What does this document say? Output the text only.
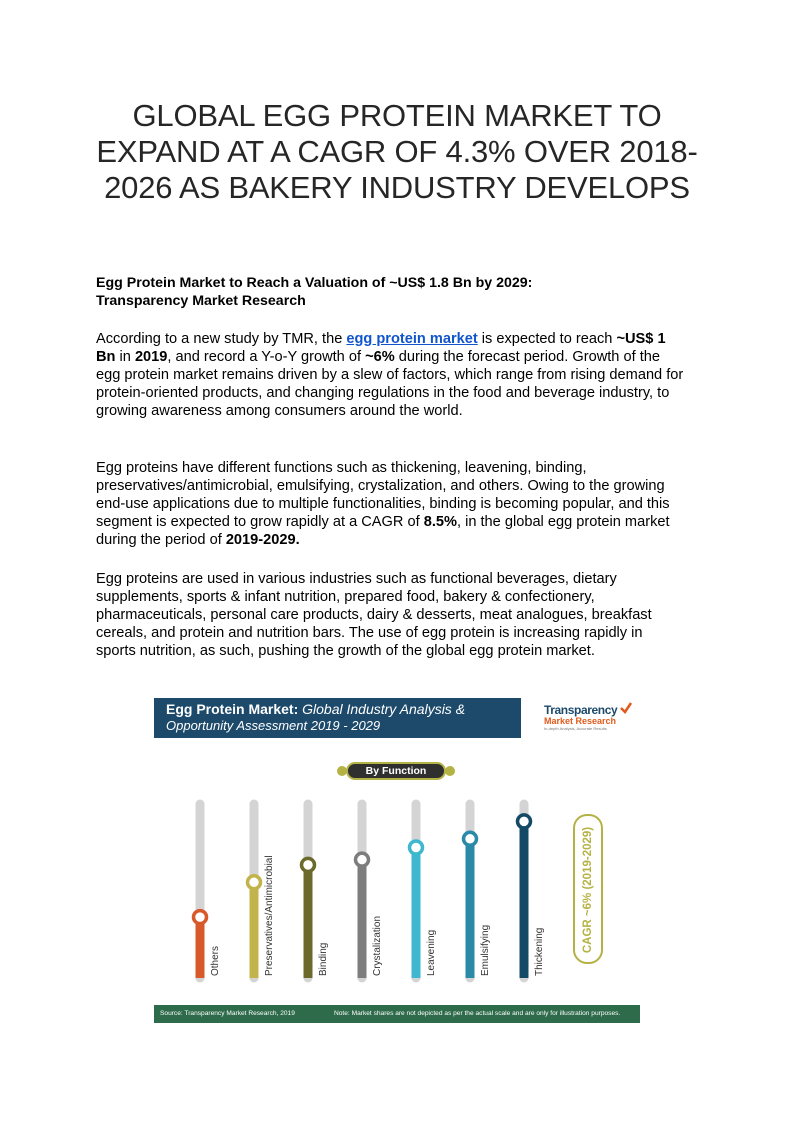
GLOBAL EGG PROTEIN MARKET TO EXPAND AT A CAGR OF 4.3% OVER 2018-2026 AS BAKERY INDUSTRY DEVELOPS

Egg Protein Market to Reach a Valuation of ~US$ 1.8 Bn by 2029: Transparency Market Research

According to a new study by TMR, the egg protein market is expected to reach ~US$ 1 Bn in 2019, and record a Y-o-Y growth of ~6% during the forecast period. Growth of the egg protein market remains driven by a slew of factors, which range from rising demand for protein-oriented products, and changing regulations in the food and beverage industry, to growing awareness among consumers around the world.

Egg proteins have different functions such as thickening, leavening, binding, preservatives/antimicrobial, emulsifying, crystalization, and others. Owing to the growing end-use applications due to multiple functionalities, binding is becoming popular, and this segment is expected to grow rapidly at a CAGR of 8.5%, in the global egg protein market during the period of 2019-2029.

Egg proteins are used in various industries such as functional beverages, dietary supplements, sports & infant nutrition, prepared food, bakery & confectionery, pharmaceuticals, personal care products, dairy & desserts, meat analogues, breakfast cereals, and protein and nutrition bars. The use of egg protein is increasing rapidly in sports nutrition, as such, pushing the growth of the global egg protein market.

Egg Protein Market: Global Industry Analysis &
Opportunity Assessment 2019 - 2029
Transparency
Market Research
In-depth Analysis, Accurate Results
By Function
Others	Preservatives/Antimicrobial	Binding	Crystalization	Leavening	Emulsifying	Thickening	CAGR ~6% (2019-2029)
Source: Transparency Market Research, 2019	Note: Market shares are not depicted as per the actual scale and are only for illustration purposes.
